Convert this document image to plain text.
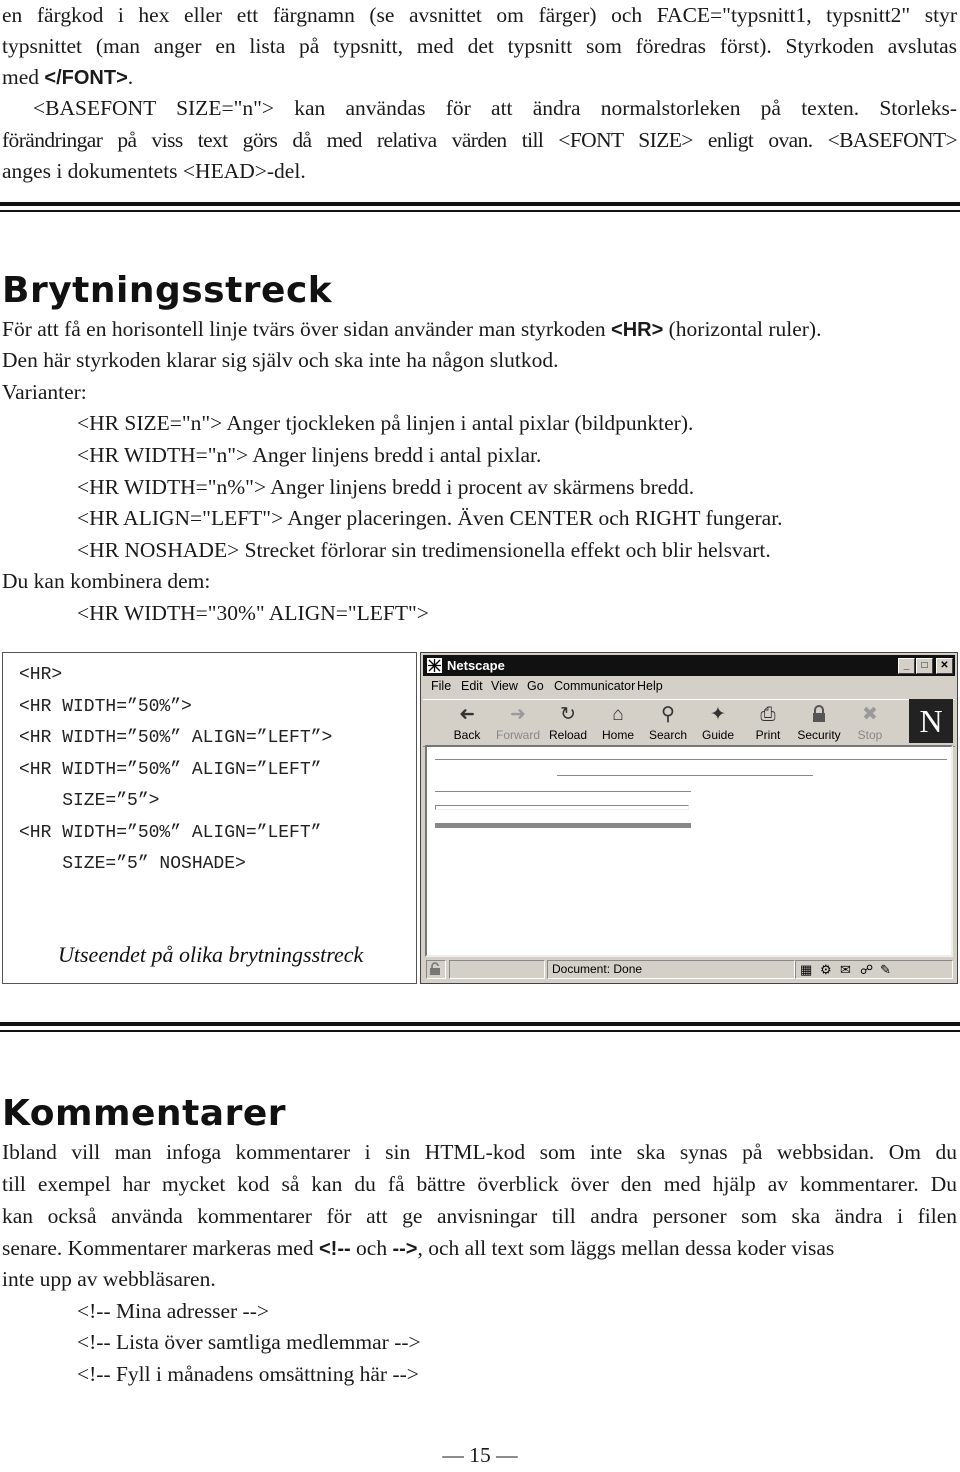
en färgkod i hex eller ett färgnamn (se avsnittet om färger) och FACE="typsnitt1, typsnitt2" styr
typsnittet (man anger en lista på typsnitt, med det typsnitt som föredras först). Styrkoden avslutas
med </FONT>.
<BASEFONT SIZE="n"> kan användas för att ändra normalstorleken på texten. Storleks-
förändringar på viss text görs då med relativa värden till <FONT SIZE> enligt ovan. <BASEFONT>
anges i dokumentets <HEAD>-del.
Brytningsstreck
För att få en horisontell linje tvärs över sidan använder man styrkoden <HR> (horizontal ruler).
Den här styrkoden klarar sig själv och ska inte ha någon slutkod.
Varianter:
<HR SIZE="n"> Anger tjockleken på linjen i antal pixlar (bildpunkter).
<HR WIDTH="n"> Anger linjens bredd i antal pixlar.
<HR WIDTH="n%"> Anger linjens bredd i procent av skärmens bredd.
<HR ALIGN="LEFT"> Anger placeringen. Även CENTER och RIGHT fungerar.
<HR NOSHADE> Strecket förlorar sin tredimensionella effekt och blir helsvart.
Du kan kombinera dem:
<HR WIDTH="30%" ALIGN="LEFT">
<HR>
<HR WIDTH=”50%”>
<HR WIDTH=”50%” ALIGN=”LEFT”>
<HR WIDTH=”50%” ALIGN=”LEFT”
SIZE=”5”>
<HR WIDTH=”50%” ALIGN=”LEFT”
SIZE=”5” NOSHADE>
Utseendet på olika brytningsstreck
Netscape	_	□	✕
File Edit View Go Communicator Help
➜
Back
➜
Forward
↻
Reload
⌂
Home
⚲
Search
✦
Guide
⎙
Print	Security
✖
Stop	N
Document: Done	▦ ⚙ ✉ ☍ ✎
Kommentarer
Ibland vill man infoga kommentarer i sin HTML-kod som inte ska synas på webbsidan. Om du
till exempel har mycket kod så kan du få bättre överblick över den med hjälp av kommentarer. Du
kan också använda kommentarer för att ge anvisningar till andra personer som ska ändra i filen
senare. Kommentarer markeras med <!-- och -->, och all text som läggs mellan dessa koder visas
inte upp av webbläsaren.
<!-- Mina adresser -->
<!-- Lista över samtliga medlemmar -->
<!-- Fyll i månadens omsättning här -->
— 15 —
